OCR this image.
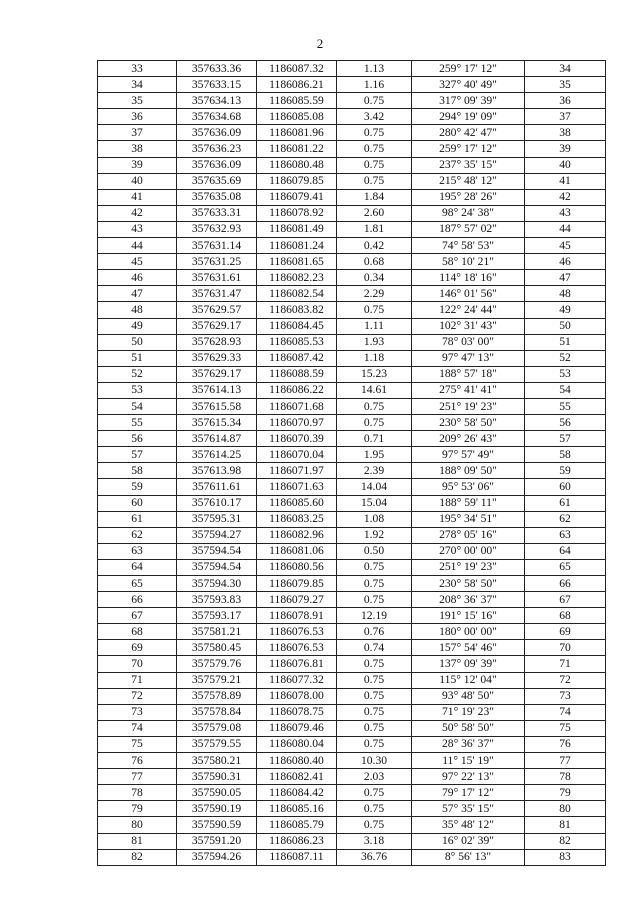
2
33	357633.36	1186087.32	1.13	259° 17' 12"	34
34	357633.15	1186086.21	1.16	327° 40' 49"	35
35	357634.13	1186085.59	0.75	317° 09' 39"	36
36	357634.68	1186085.08	3.42	294° 19' 09"	37
37	357636.09	1186081.96	0.75	280° 42' 47"	38
38	357636.23	1186081.22	0.75	259° 17' 12"	39
39	357636.09	1186080.48	0.75	237° 35' 15"	40
40	357635.69	1186079.85	0.75	215° 48' 12"	41
41	357635.08	1186079.41	1.84	195° 28' 26"	42
42	357633.31	1186078.92	2.60	98° 24' 38"	43
43	357632.93	1186081.49	1.81	187° 57' 02"	44
44	357631.14	1186081.24	0.42	74° 58' 53"	45
45	357631.25	1186081.65	0.68	58° 10' 21"	46
46	357631.61	1186082.23	0.34	114° 18' 16"	47
47	357631.47	1186082.54	2.29	146° 01' 56"	48
48	357629.57	1186083.82	0.75	122° 24' 44"	49
49	357629.17	1186084.45	1.11	102° 31' 43"	50
50	357628.93	1186085.53	1.93	78° 03' 00"	51
51	357629.33	1186087.42	1.18	97° 47' 13"	52
52	357629.17	1186088.59	15.23	188° 57' 18"	53
53	357614.13	1186086.22	14.61	275° 41' 41"	54
54	357615.58	1186071.68	0.75	251° 19' 23"	55
55	357615.34	1186070.97	0.75	230° 58' 50"	56
56	357614.87	1186070.39	0.71	209° 26' 43"	57
57	357614.25	1186070.04	1.95	97° 57' 49"	58
58	357613.98	1186071.97	2.39	188° 09' 50"	59
59	357611.61	1186071.63	14.04	95° 53' 06"	60
60	357610.17	1186085.60	15.04	188° 59' 11"	61
61	357595.31	1186083.25	1.08	195° 34' 51"	62
62	357594.27	1186082.96	1.92	278° 05' 16"	63
63	357594.54	1186081.06	0.50	270° 00' 00"	64
64	357594.54	1186080.56	0.75	251° 19' 23"	65
65	357594.30	1186079.85	0.75	230° 58' 50"	66
66	357593.83	1186079.27	0.75	208° 36' 37"	67
67	357593.17	1186078.91	12.19	191° 15' 16"	68
68	357581.21	1186076.53	0.76	180° 00' 00"	69
69	357580.45	1186076.53	0.74	157° 54' 46"	70
70	357579.76	1186076.81	0.75	137° 09' 39"	71
71	357579.21	1186077.32	0.75	115° 12' 04"	72
72	357578.89	1186078.00	0.75	93° 48' 50"	73
73	357578.84	1186078.75	0.75	71° 19' 23"	74
74	357579.08	1186079.46	0.75	50° 58' 50"	75
75	357579.55	1186080.04	0.75	28° 36' 37"	76
76	357580.21	1186080.40	10.30	11° 15' 19"	77
77	357590.31	1186082.41	2.03	97° 22' 13"	78
78	357590.05	1186084.42	0.75	79° 17' 12"	79
79	357590.19	1186085.16	0.75	57° 35' 15"	80
80	357590.59	1186085.79	0.75	35° 48' 12"	81
81	357591.20	1186086.23	3.18	16° 02' 39"	82
82	357594.26	1186087.11	36.76	8° 56' 13"	83
